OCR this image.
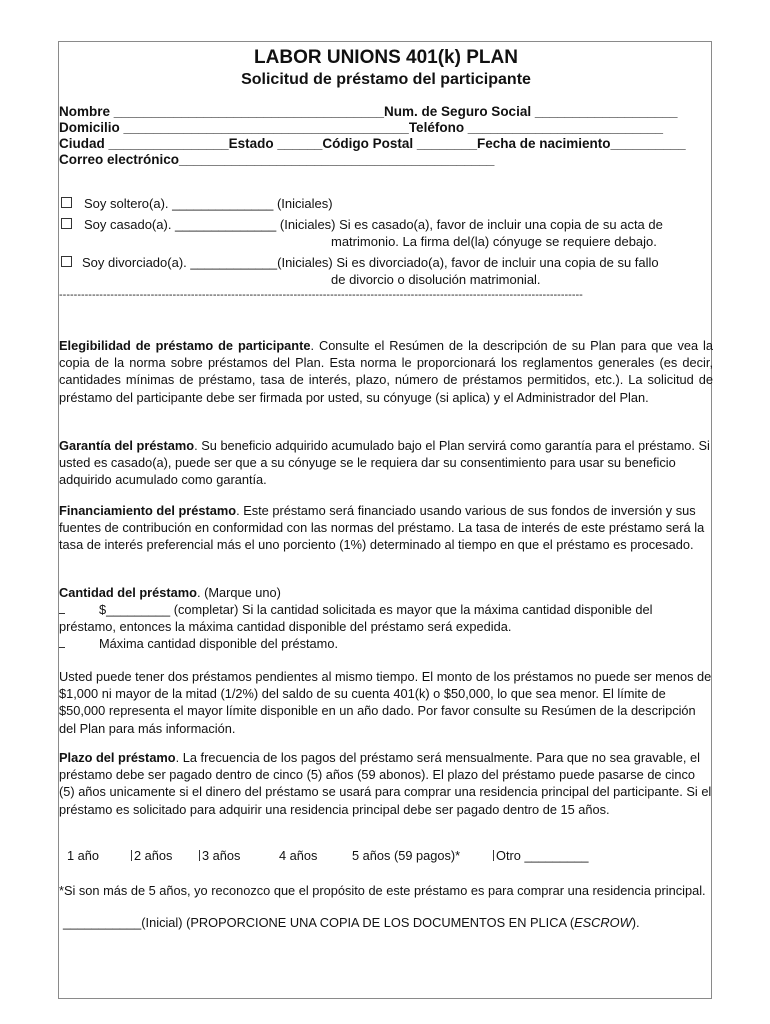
LABOR UNIONS 401(k) PLAN
Solicitud de préstamo del participante
Nombre ____________________________________Num. de Seguro Social ___________________
Domicilio ______________________________________Teléfono __________________________
Ciudad ________________Estado ______Código Postal ________Fecha de nacimiento__________
Correo electrónico__________________________________________
Soy soltero(a). ______________ (Iniciales)
Soy casado(a). ______________ (Iniciales) Si es casado(a), favor de incluir una copia de su acta de
matrimonio. La firma del(la) cónyuge se requiere debajo.
Soy divorciado(a). ____________(Iniciales) Si es divorciado(a), favor de incluir una copia de su fallo
de divorcio o disolución matrimonial.
-----------------------------------------------------------------------------------------------------------------------------------------------
Elegibilidad de préstamo de participante. Consulte el Resúmen de la descripción de su Plan para que vea la copia de la norma sobre préstamos del Plan. Esta norma le proporcionará los reglamentos generales (es decir, cantidades mínimas de préstamo, tasa de interés, plazo, número de préstamos permitidos, etc.). La solicitud de préstamo del participante debe ser firmada por usted, su cónyuge (si aplica) y el Administrador del Plan.
Garantía del préstamo. Su beneficio adquirido acumulado bajo el Plan servirá como garantía para el préstamo. Si usted es casado(a), puede ser que a su cónyuge se le requiera dar su consentimiento para usar su beneficio adquirido acumulado como garantía.
Financiamiento del préstamo. Este préstamo será financiado usando various de sus fondos de inversión y sus fuentes de contribución en conformidad con las normas del préstamo. La tasa de interés de este préstamo será la tasa de interés preferencial más el uno porciento (1%) determinado al tiempo en que el préstamo es procesado.
Cantidad del préstamo. (Marque uno)
$_________ (completar) Si la cantidad solicitada es mayor que la máxima cantidad disponible del
préstamo, entonces la máxima cantidad disponible del préstamo será expedida.
Máxima cantidad disponible del préstamo.
Usted puede tener dos préstamos pendientes al mismo tiempo. El monto de los préstamos no puede ser menos de $1,000 ni mayor de la mitad (1/2%) del saldo de su cuenta 401(k) o $50,000, lo que sea menor. El límite de $50,000 representa el mayor límite disponible en un año dado. Por favor consulte su Resúmen de la descripción del Plan para más información.
Plazo del préstamo. La frecuencia de los pagos del préstamo será mensualmente. Para que no sea gravable, el préstamo debe ser pagado dentro de cinco (5) años (59 abonos). El plazo del préstamo puede pasarse de cinco (5) años unicamente si el dinero del préstamo se usará para comprar una residencia principal del participante. Si el préstamo es solicitado para adquirir una residencia principal debe ser pagado dentro de 15 años.
1 año	2 años 3 años	4 años	5 años (59 pagos)*	Otro _________
*Si son más de 5 años, yo reconozco que el propósito de este préstamo es para comprar una residencia principal.
___________(Inicial) (PROPORCIONE UNA COPIA DE LOS DOCUMENTOS EN PLICA (ESCROW).
